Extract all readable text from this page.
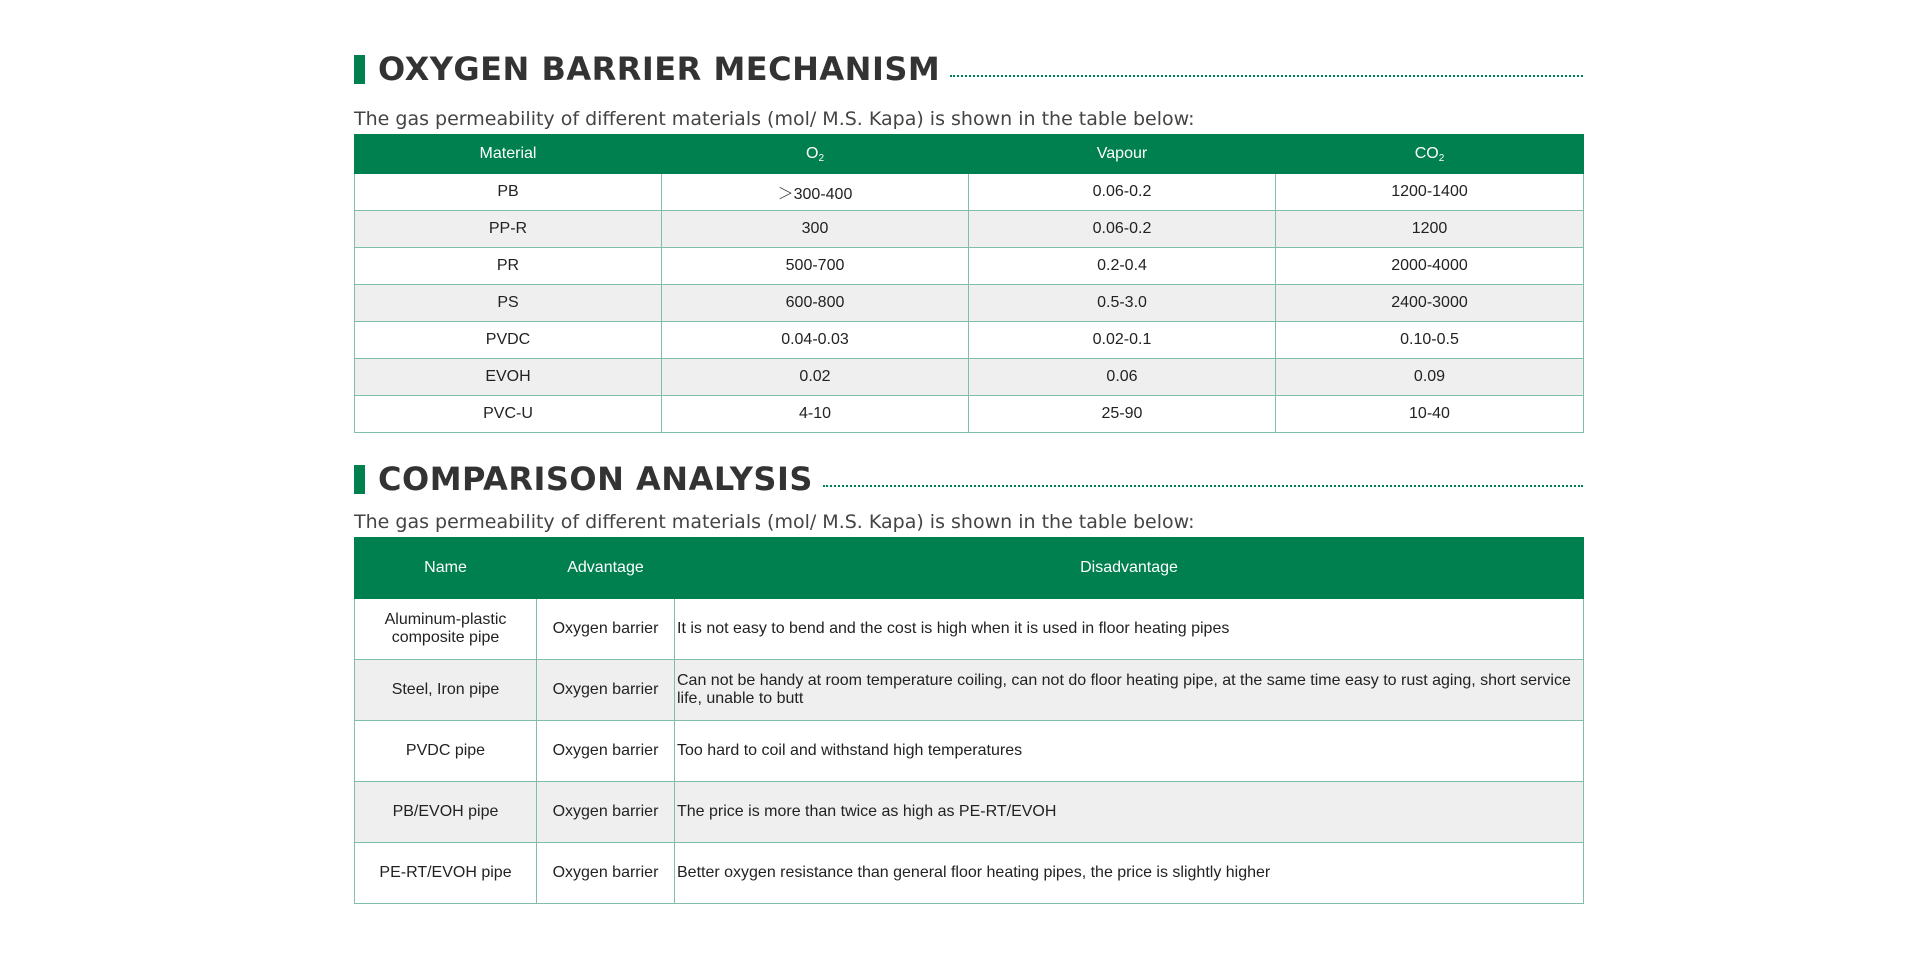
OXYGEN BARRIER MECHANISM

The gas permeability of different materials (mol/ M.S. Kapa) is shown in the table below:

Material	$O_2$	Vapour	$CO_2$
PB	＞300-400	0.06-0.2	1200-1400
PP-R	300	0.06-0.2	1200
PR	500-700	0.2-0.4	2000-4000
PS	600-800	0.5-3.0	2400-3000
PVDC	0.04-0.03	0.02-0.1	0.10-0.5
EVOH	0.02	0.06	0.09
PVC-U	4-10	25-90	10-40
COMPARISON ANALYSIS

The gas permeability of different materials (mol/ M.S. Kapa) is shown in the table below:

Name	Advantage	Disadvantage
Aluminum-plastic composite pipe	Oxygen barrier	It is not easy to bend and the cost is high when it is used in floor heating pipes
Steel, Iron pipe	Oxygen barrier	Can not be handy at room temperature coiling, can not do floor heating pipe, at the same time easy to rust aging, short service life, unable to butt
PVDC pipe	Oxygen barrier	Too hard to coil and withstand high temperatures
PB/EVOH pipe	Oxygen barrier	The price is more than twice as high as PE-RT/EVOH
PE-RT/EVOH pipe	Oxygen barrier	Better oxygen resistance than general floor heating pipes, the price is slightly higher
